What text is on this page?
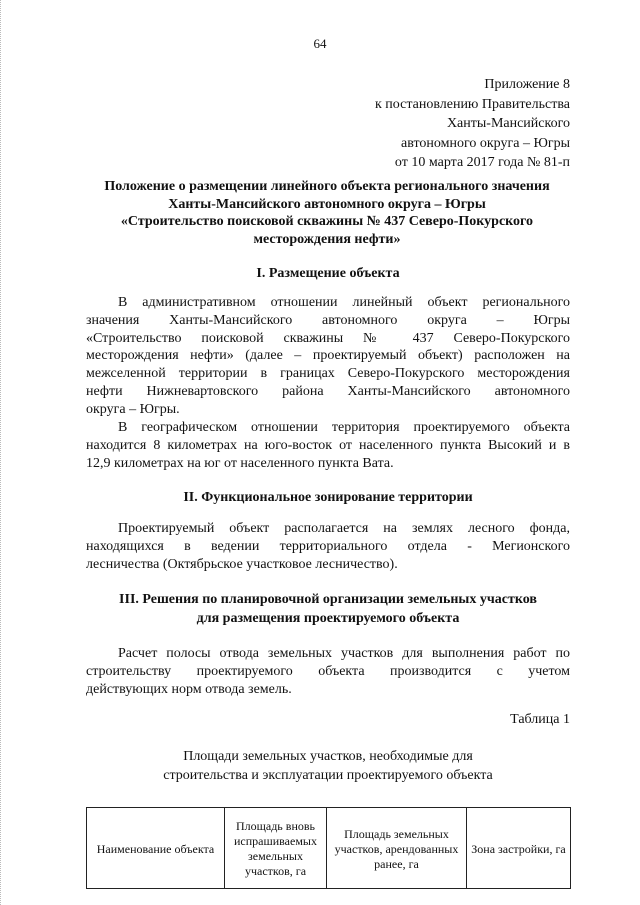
64
Приложение 8
к постановлению Правительства
Ханты-Мансийского
автономного округа – Югры
от 10 марта 2017 года № 81-п
Положение о размещении линейного объекта регионального значения
Ханты-Мансийского автономного округа – Югры
«Строительство поисковой скважины № 437 Северо-Покурского
месторождения нефти»
I. Размещение объекта
В административном отношении линейный объект регионального
значения Ханты-Мансийского автономного округа – Югры
«Строительство поисковой скважины № 437 Северо-Покурского
месторождения нефти» (далее – проектируемый объект) расположен на
межселенной территории в границах Северо-Покурского месторождения
нефти Нижневартовского района Ханты-Мансийского автономного
округа – Югры.
В географическом отношении территория проектируемого объекта
находится 8 километрах на юго-восток от населенного пункта Высокий и в
12,9 километрах на юг от населенного пункта Вата.
II. Функциональное зонирование территории
Проектируемый объект располагается на землях лесного фонда,
находящихся в ведении территориального отдела - Мегионского
лесничества (Октябрьское участковое лесничество).
III. Решения по планировочной организации земельных участков
для размещения проектируемого объекта
Расчет полосы отвода земельных участков для выполнения работ по
строительству проектируемого объекта производится с учетом
действующих норм отвода земель.
Таблица 1
Площади земельных участков, необходимые для
строительства и эксплуатации проектируемого объекта
Наименование объекта	Площадь вновь испрашиваемых земельных участков, га	Площадь земельных участков, арендованных ранее, га	Зона застройки, га
